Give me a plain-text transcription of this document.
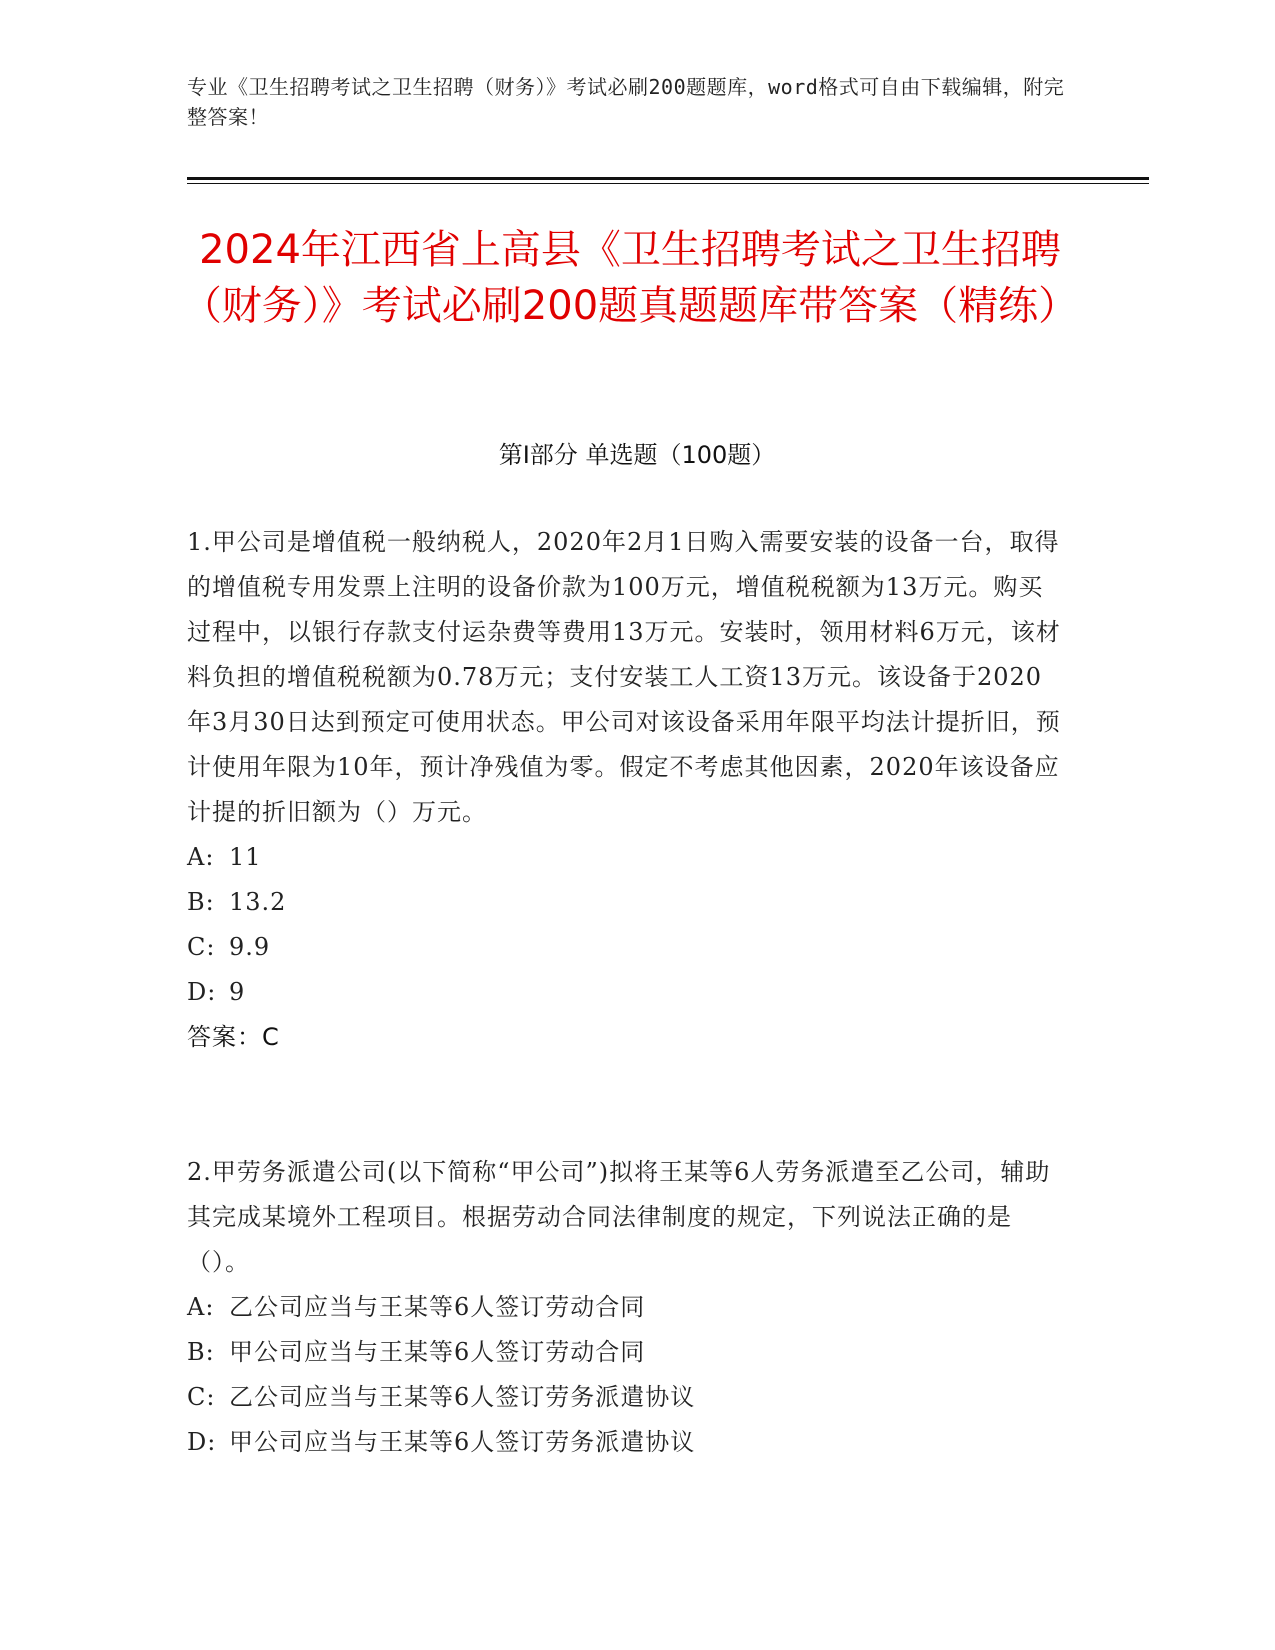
专业《卫生招聘考试之卫生招聘（财务）》考试必刷200题题库，word格式可自由下载编辑，附完整答案！
2024年江西省上高县《卫生招聘考试之卫生招聘（财务）》考试必刷200题真题题库带答案（精练）
第Ⅰ部分 单选题（100题）

1.甲公司是增值税一般纳税人，2020年2月1日购入需要安装的设备一台，取得的增值税专用发票上注明的设备价款为100万元，增值税税额为13万元。购买过程中，以银行存款支付运杂费等费用13万元。安装时，领用材料6万元，该材料负担的增值税税额为0.78万元；支付安装工人工资13万元。该设备于2020年3月30日达到预定可使用状态。甲公司对该设备采用年限平均法计提折旧，预计使用年限为10年，预计净残值为零。假定不考虑其他因素，2020年该设备应计提的折旧额为（）万元。

A: 11

B: 13.2

C: 9.9

D: 9

答案：C

2.甲劳务派遣公司(以下简称“甲公司”)拟将王某等6人劳务派遣至乙公司，辅助其完成某境外工程项目。根据劳动合同法律制度的规定，下列说法正确的是（）。

A: 乙公司应当与王某等6人签订劳动合同

B: 甲公司应当与王某等6人签订劳动合同

C: 乙公司应当与王某等6人签订劳务派遣协议

D: 甲公司应当与王某等6人签订劳务派遣协议
